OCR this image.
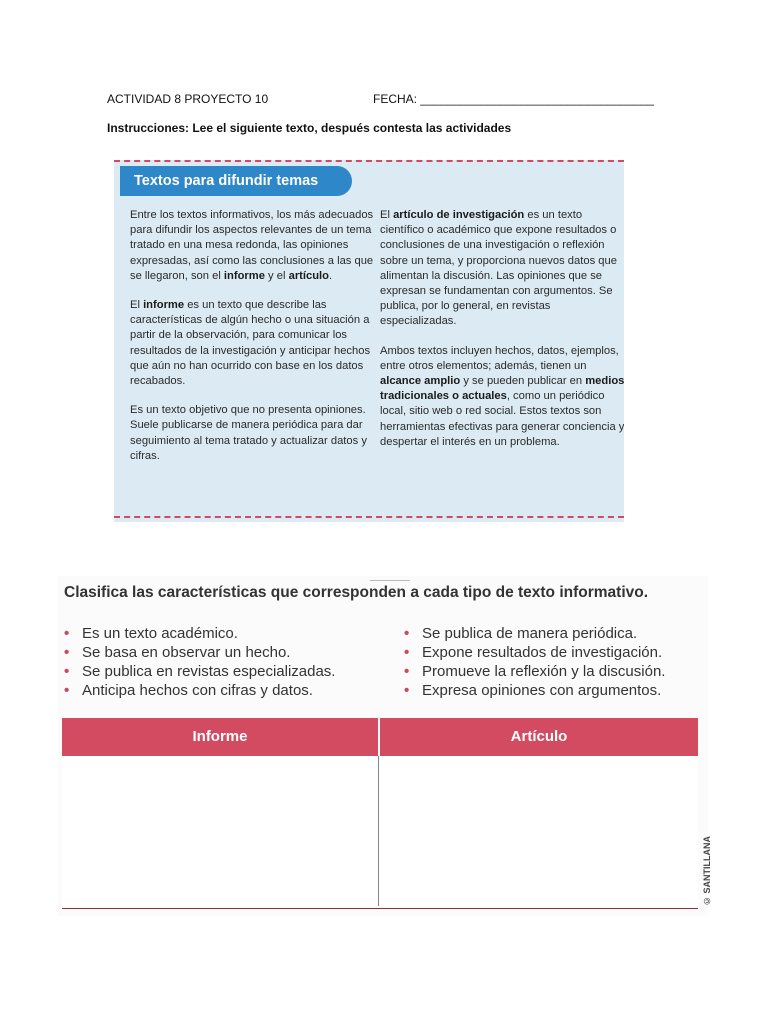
ACTIVIDAD 8 PROYECTO 10	FECHA: ___________________________________
Instrucciones: Lee el siguiente texto, después contesta las actividades
Textos para difundir temas

Entre los textos informativos, los más adecuados para difundir los aspectos relevantes de un tema tratado en una mesa redonda, las opiniones expresadas, así como las conclusiones a las que se llegaron, son el informe y el artículo.

El informe es un texto que describe las características de algún hecho o una situación a partir de la observación, para comunicar los resultados de la investigación y anticipar hechos que aún no han ocurrido con base en los datos recabados.

Es un texto objetivo que no presenta opiniones. Suele publicarse de manera periódica para dar seguimiento al tema tratado y actualizar datos y cifras.

El artículo de investigación es un texto científico o académico que expone resultados o conclusiones de una investigación o reflexión sobre un tema, y proporciona nuevos datos que alimentan la discusión. Las opiniones que se expresan se fundamentan con argumentos. Se publica, por lo general, en revistas especializadas.

Ambos textos incluyen hechos, datos, ejemplos, entre otros elementos; además, tienen un alcance amplio y se pueden publicar en medios tradicionales o actuales, como un periódico local, sitio web o red social. Estos textos son herramientas efectivas para generar conciencia y despertar el interés en un problema.

Clasifica las características que corresponden a cada tipo de texto informativo.
• Es un texto académico.
• Se basa en observar un hecho.
• Se publica en revistas especializadas.
• Anticipa hechos con cifras y datos.
• Se publica de manera periódica.
• Expone resultados de investigación.
• Promueve la reflexión y la discusión.
• Expresa opiniones con argumentos.
Informe	Artículo
© SANTILLANA
